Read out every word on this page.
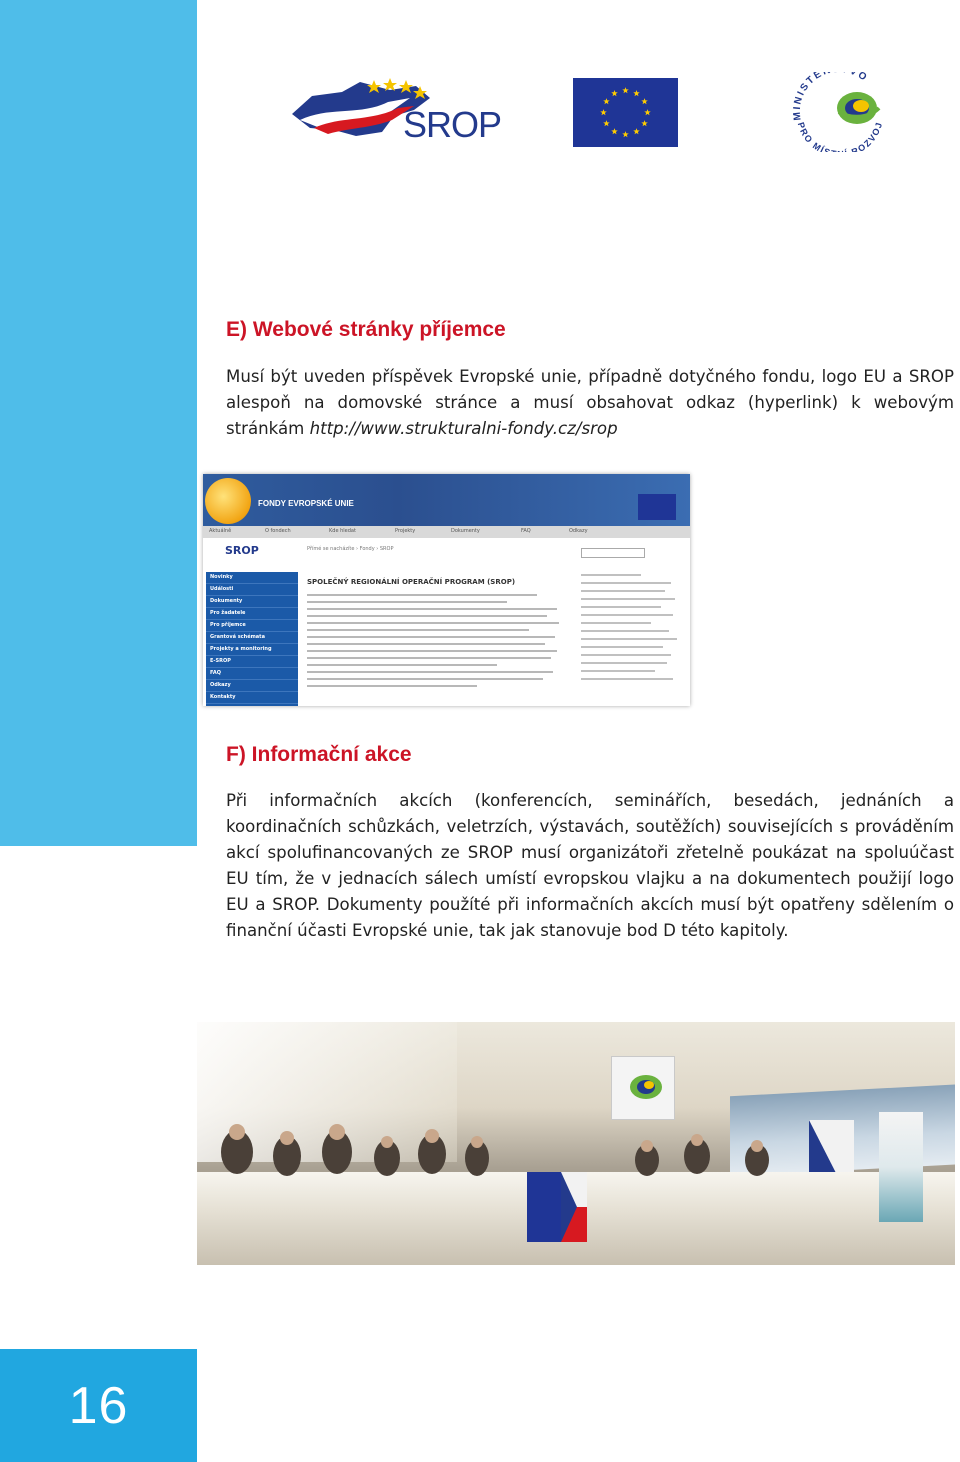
16
SROP	MINISTE VO
PRO MÍ ROZVOJ
E) Webové stránky příjemce
Musí být uveden příspěvek Evropské unie, případně dotyčného fondu, logo EU a SROP alespoň na domovské stránce a musí obsahovat odkaz (hyperlink) k webovým stránkám http://www.strukturalni-fondy.cz/srop
FONDY EVROPSKÉ UNIE
Aktuálně	O fondech	Kde hledat	Projekty	Dokumenty	FAQ	Odkazy
SROP	Přímé se nacházíte › Fondy › SROP
Novinky
Události
Dokumenty
Pro žadatele
Pro příjemce
Grantová schémata
Projekty a monitoring
E-SROP
FAQ
Odkazy
Kontakty
SPOLEČNÝ REGIONÁLNÍ OPERAČNÍ PROGRAM (SROP)
F) Informační akce
Při informačních akcích (konferencích, seminářích, besedách, jednáních a koordinačních schůzkách, veletrzích, výstavách, soutěžích) souvisejících s prováděním akcí spolufinancovaných ze SROP musí organizátoři zřetelně poukázat na spoluúčast EU tím, že v jednacích sálech umístí evropskou vlajku a na dokumentech použijí logo EU a SROP. Dokumenty použíté při informačních akcích musí být opatřeny sdělením o finanční účasti Evropské unie, tak jak stanovuje bod D této kapitoly.
